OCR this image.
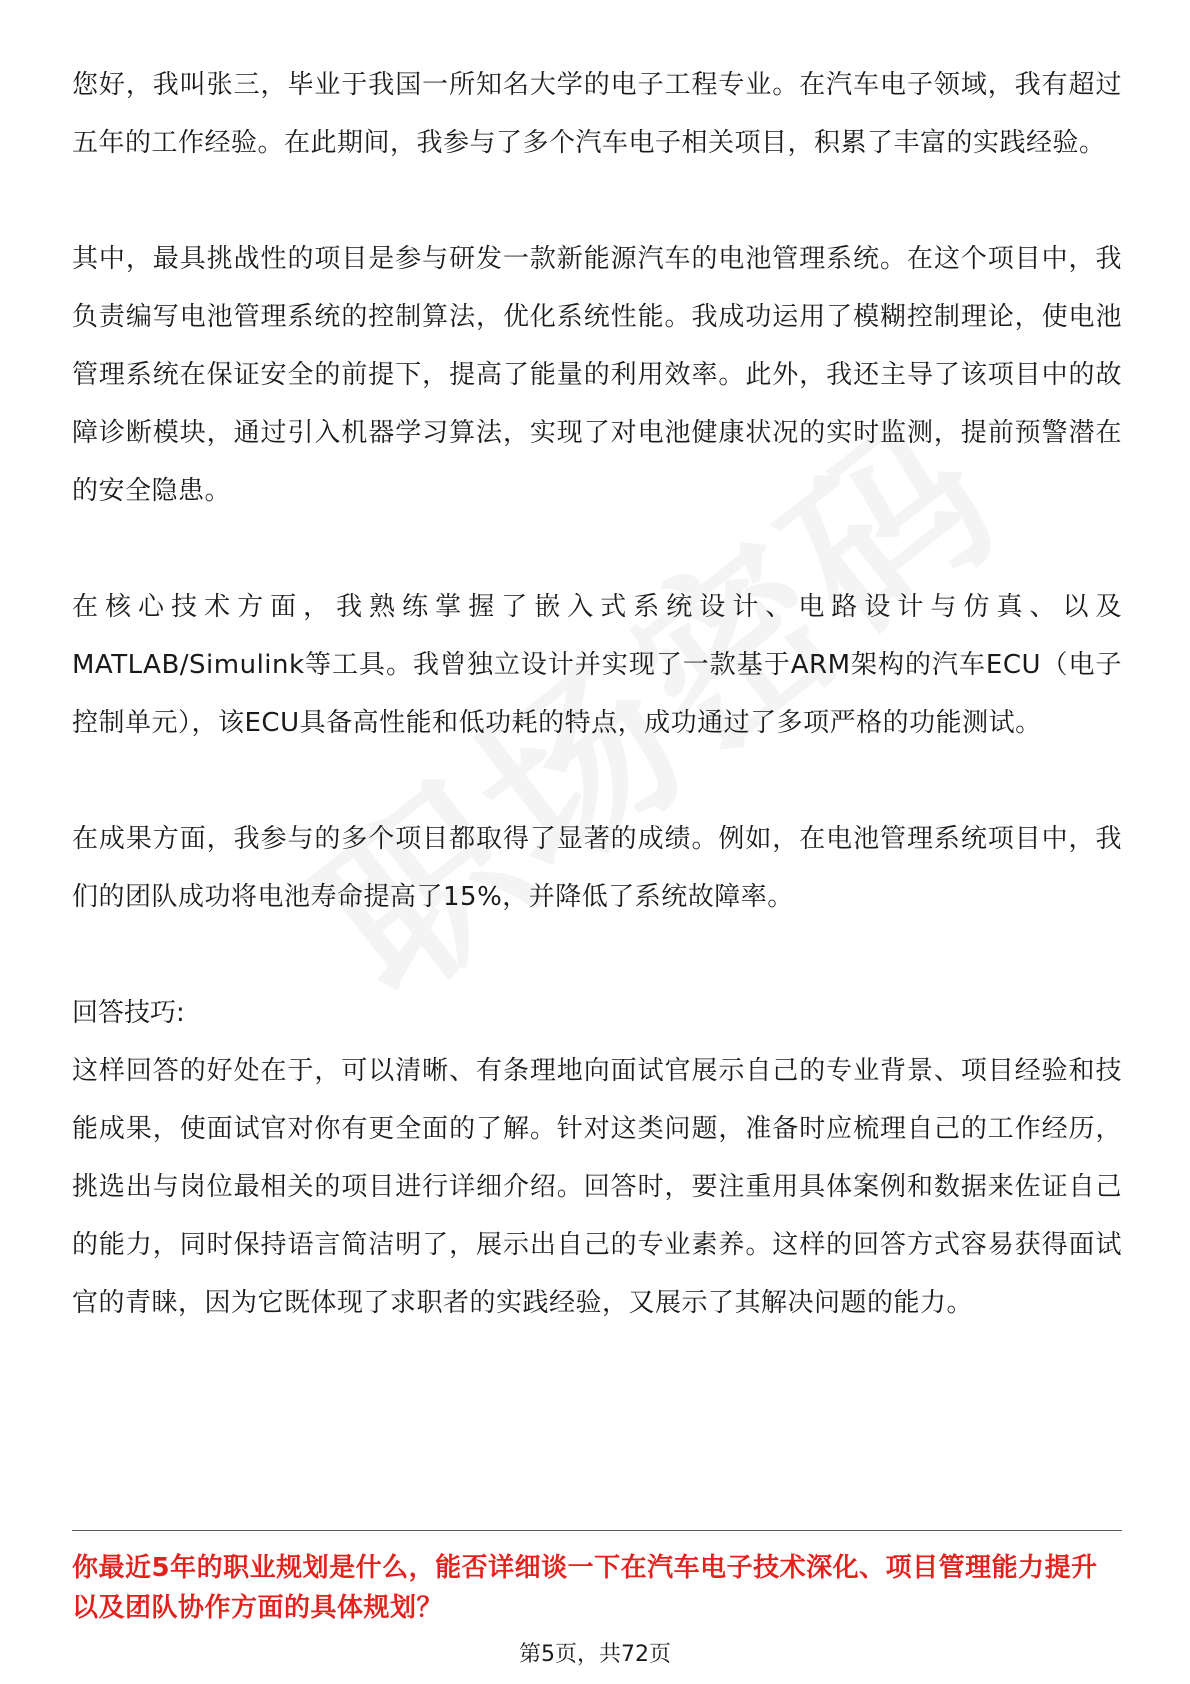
您好，我叫张三，毕业于我国一所知名大学的电子工程专业。在汽车电子领域，我有超过五年的工作经验。在此期间，我参与了多个汽车电子相关项目，积累了丰富的实践经验。

其中，最具挑战性的项目是参与研发一款新能源汽车的电池管理系统。在这个项目中，我负责编写电池管理系统的控制算法，优化系统性能。我成功运用了模糊控制理论，使电池管理系统在保证安全的前提下，提高了能量的利用效率。此外，我还主导了该项目中的故障诊断模块，通过引入机器学习算法，实现了对电池健康状况的实时监测，提前预警潜在的安全隐患。

在核心技术方面，我熟练掌握了嵌入式系统设计、电路设计与仿真、以及MATLAB/Simulink等工具。我曾独立设计并实现了一款基于ARM架构的汽车ECU（电子控制单元），该ECU具备高性能和低功耗的特点，成功通过了多项严格的功能测试。

在成果方面，我参与的多个项目都取得了显著的成绩。例如，在电池管理系统项目中，我们的团队成功将电池寿命提高了15%，并降低了系统故障率。

回答技巧:

这样回答的好处在于，可以清晰、有条理地向面试官展示自己的专业背景、项目经验和技能成果，使面试官对你有更全面的了解。针对这类问题，准备时应梳理自己的工作经历，挑选出与岗位最相关的项目进行详细介绍。回答时，要注重用具体案例和数据来佐证自己的能力，同时保持语言简洁明了，展示出自己的专业素养。这样的回答方式容易获得面试官的青睐，因为它既体现了求职者的实践经验，又展示了其解决问题的能力。

你最近5年的职业规划是什么，能否详细谈一下在汽车电子技术深化、项目管理能力提升以及团队协作方面的具体规划？

第5页，共72页
